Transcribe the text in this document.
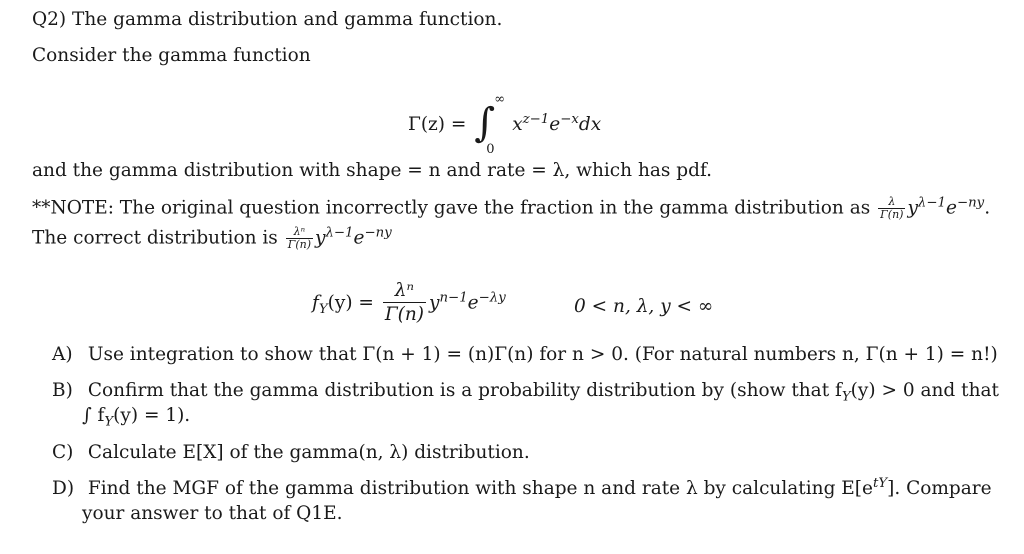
Q2) The gamma distribution and gamma function.
Consider the gamma function
Γ(z) = ∫
∞
0
$x^{z-1}e^{-x}dx$
and the gamma distribution with shape = n and rate = λ, which has pdf.
**NOTE: The original question incorrectly gave the fraction in the gamma distribution as $\frac{\lambda}{\Gamma(n)} y^{\lambda-1}e^{-ny}$.
The correct distribution is $\frac{\text{λⁿ}}{\Gamma(n)} y^{\lambda-1}e^{-ny}$
$f_Y(y) = \frac{\text{λⁿ}}{\Gamma(n)} y^{n-1}e^{-\lambda y}$	0 < n, λ, y < ∞
A) Use integration to show that Γ(n + 1) = (n)Γ(n) for n > 0. (For natural numbers n, Γ(n + 1) = n!)
B) Confirm that the gamma distribution is a probability distribution by (show that $f_Y(y) > 0$ and that
∫ $f_Y(y) = 1$).
C) Calculate E[X] of the gamma(n, λ) distribution.
D) Find the MGF of the gamma distribution with shape n and rate λ by calculating $E[e^{tY}]$. Compare
your answer to that of Q1E.
